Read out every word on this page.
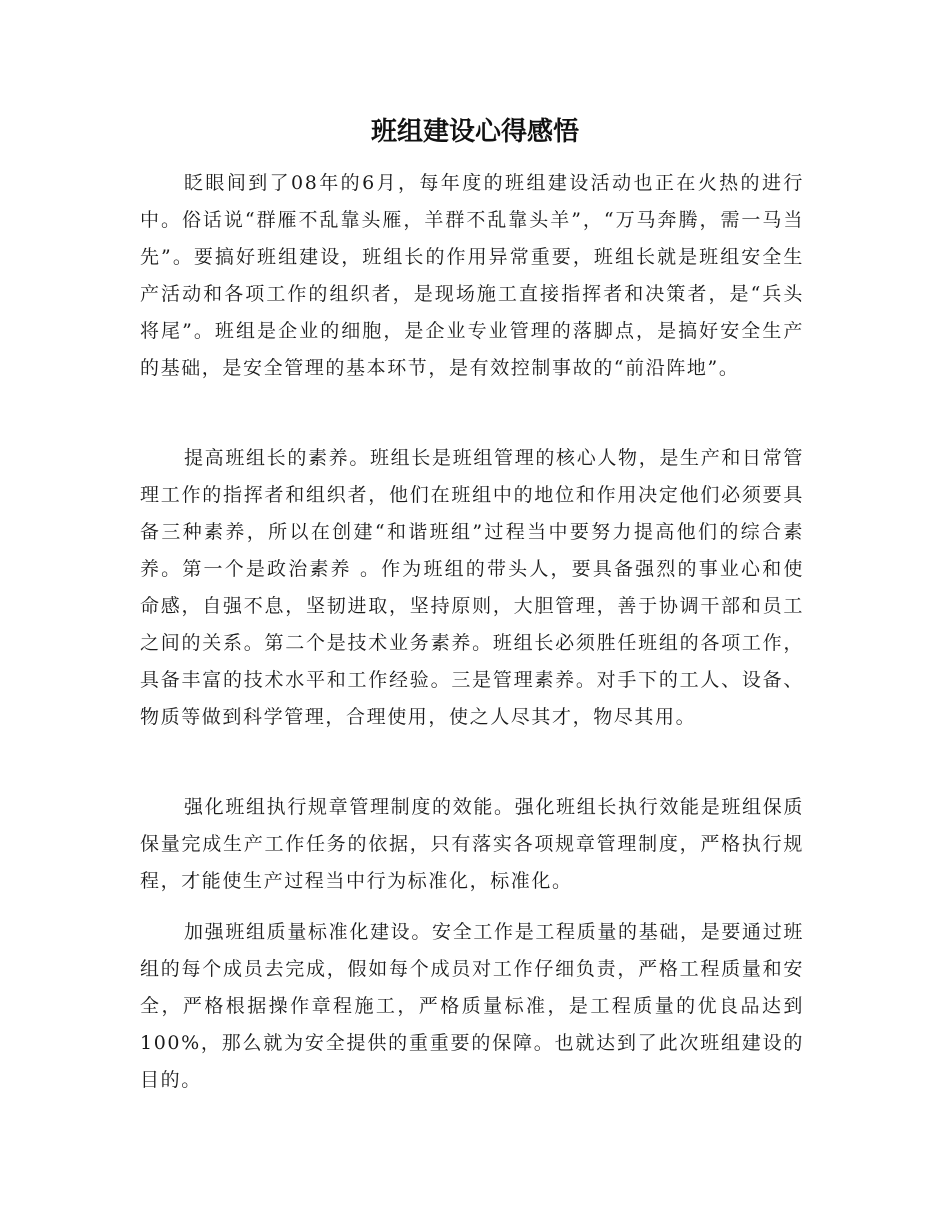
班组建设心得感悟

眨眼间到了08年的6月，每年度的班组建设活动也正在火热的进行中。俗话说“群雁不乱靠头雁，羊群不乱靠头羊”，“万马奔腾，需一马当先”。要搞好班组建设，班组长的作用异常重要，班组长就是班组安全生产活动和各项工作的组织者，是现场施工直接指挥者和决策者，是“兵头将尾”。班组是企业的细胞，是企业专业管理的落脚点，是搞好安全生产的基础，是安全管理的基本环节，是有效控制事故的“前沿阵地”。

提高班组长的素养。班组长是班组管理的核心人物，是生产和日常管理工作的指挥者和组织者，他们在班组中的地位和作用决定他们必须要具备三种素养，所以在创建“和谐班组”过程当中要努力提高他们的综合素养。第一个是政治素养 。作为班组的带头人，要具备强烈的事业心和使命感，自强不息，坚韧进取，坚持原则，大胆管理，善于协调干部和员工之间的关系。第二个是技术业务素养。班组长必须胜任班组的各项工作，具备丰富的技术水平和工作经验。三是管理素养。对手下的工人、设备、物质等做到科学管理，合理使用，使之人尽其才，物尽其用。

强化班组执行规章管理制度的效能。强化班组长执行效能是班组保质保量完成生产工作任务的依据，只有落实各项规章管理制度，严格执行规程，才能使生产过程当中行为标准化，标准化。

加强班组质量标准化建设。安全工作是工程质量的基础，是要通过班组的每个成员去完成，假如每个成员对工作仔细负责，严格工程质量和安全，严格根据操作章程施工，严格质量标准，是工程质量的优良品达到100%，那么就为安全提供的重重要的保障。也就达到了此次班组建设的目的。
